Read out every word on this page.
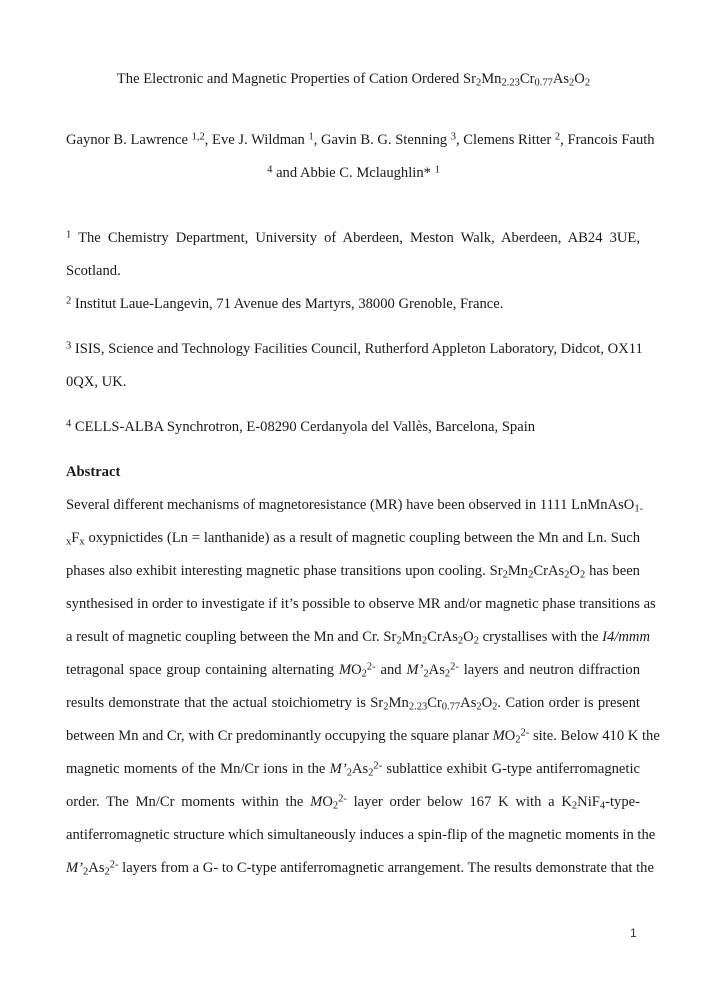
The Electronic and Magnetic Properties of Cation Ordered $Sr_2Mn_{2.23}Cr_{0.77}As_2O_2$
Gaynor B. Lawrence $^{1,2}$, Eve J. Wildman $^1$, Gavin B. G. Stenning $^3$, Clemens Ritter $^2$, Francois Fauth
$^4$ and Abbie C. Mclaughlin* $^1$
$^1$ The Chemistry Department, University of Aberdeen, Meston Walk, Aberdeen, AB24 3UE,
Scotland.
$^2$ Institut Laue-Langevin, 71 Avenue des Martyrs, 38000 Grenoble, France.
$^3$ ISIS, Science and Technology Facilities Council, Rutherford Appleton Laboratory, Didcot, OX11
0QX, UK.
$^4$ CELLS-ALBA Synchrotron, E-08290 Cerdanyola del Vallès, Barcelona, Spain
Abstract
Several different mechanisms of magnetoresistance (MR) have been observed in 1111 LnMnAsO$_{1-}$
$_xF_x$ oxypnictides (Ln = lanthanide) as a result of magnetic coupling between the Mn and Ln. Such
phases also exhibit interesting magnetic phase transitions upon cooling. $Sr_2Mn_2CrAs_2O_2$ has been
synthesised in order to investigate if it’s possible to observe MR and/or magnetic phase transitions as
a result of magnetic coupling between the Mn and Cr. $Sr_2Mn_2CrAs_2O_2$ crystallises with the I4/mmm
tetragonal space group containing alternating $MO_2^{2-}$ and $M’_2As_2^{2-}$ layers and neutron diffraction
results demonstrate that the actual stoichiometry is $Sr_2Mn_{2.23}Cr_{0.77}As_2O_2$. Cation order is present
between Mn and Cr, with Cr predominantly occupying the square planar $MO_2^{2-}$ site. Below 410 K the
magnetic moments of the Mn/Cr ions in the $M’_2As_2^{2-}$ sublattice exhibit G-type antiferromagnetic
order. The Mn/Cr moments within the $MO_2^{2-}$ layer order below 167 K with a $K_2NiF_4-type-$
antiferromagnetic structure which simultaneously induces a spin-flip of the magnetic moments in the
$M’_2As_2^{2-}$ layers from a G- to C-type antiferromagnetic arrangement. The results demonstrate that the
1
